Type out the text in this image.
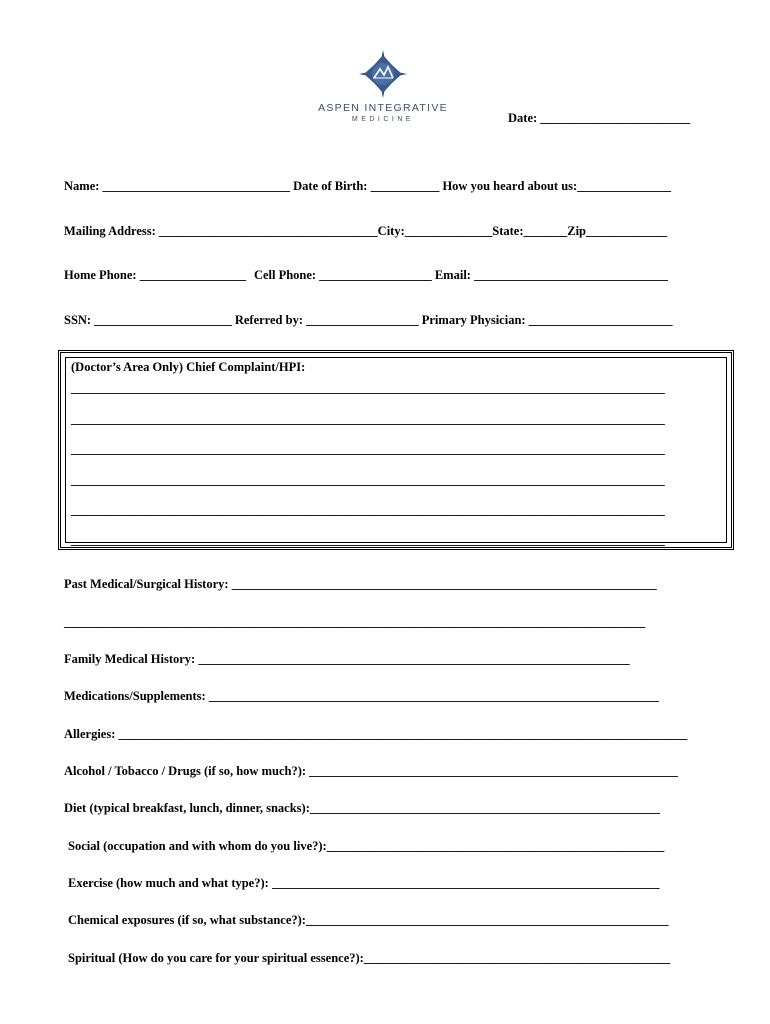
ASPEN INTEGRATIVE
MEDICINE	Date: ________________________
Name: ______________________________ Date of Birth: ___________ How you heard about us:_______________
Mailing Address: ___________________________________City:______________State:_______Zip_____________
Home Phone: _________________ Cell Phone: __________________ Email: _______________________________
SSN: ______________________ Referred by: __________________ Primary Physician: _______________________
(Doctor’s Area Only) Chief Complaint/HPI:
_______________________________________________________________________________________________
_______________________________________________________________________________________________
_______________________________________________________________________________________________
_______________________________________________________________________________________________
_______________________________________________________________________________________________
_______________________________________________________________________________________________
Past Medical/Surgical History: ____________________________________________________________________
_____________________________________________________________________________________________
Family Medical History: _____________________________________________________________________
Medications/Supplements: ________________________________________________________________________
Allergies: ___________________________________________________________________________________________
Alcohol / Tobacco / Drugs (if so, how much?): ___________________________________________________________
Diet (typical breakfast, lunch, dinner, snacks):________________________________________________________
Social (occupation and with whom do you live?):______________________________________________________
Exercise (how much and what type?): ______________________________________________________________
Chemical exposures (if so, what substance?):__________________________________________________________
Spiritual (How do you care for your spiritual essence?):_________________________________________________
